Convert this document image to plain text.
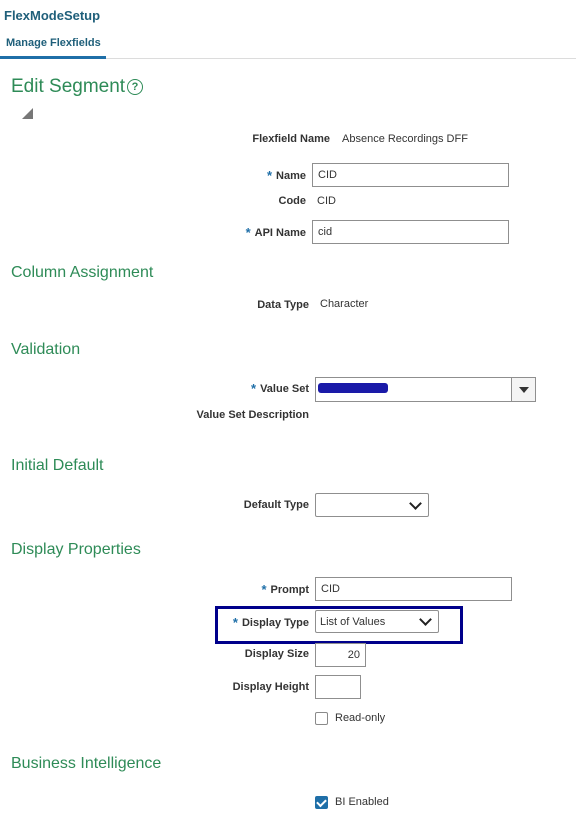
FlexModeSetup
Manage Flexfields
Edit Segment ?
Flexfield Name Absence Recordings DFF
* Name CID
Code CID
* API Name cid
Column Assignment
Data Type Character
Validation
* Value Set
Value Set Description
Initial Default
Default Type
Display Properties
* Prompt CID
* Display Type List of Values
Display Size	20
Display Height
Read-only
Business Intelligence
BI Enabled
